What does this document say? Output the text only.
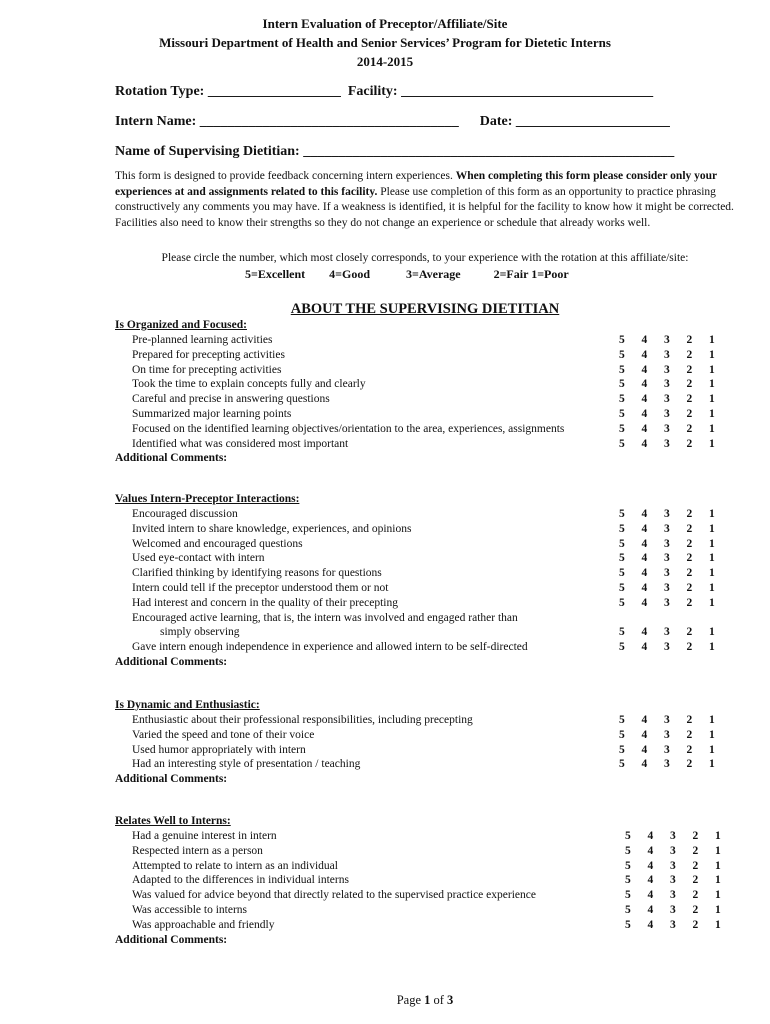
Intern Evaluation of Preceptor/Affiliate/Site
Missouri Department of Health and Senior Services’ Program for Dietetic Interns
2014-2015
Rotation Type: ___________________  Facility: ____________________________________
Intern Name: _____________________________________      Date: ______________________
Name of Supervising Dietitian: _____________________________________________________
This form is designed to provide feedback concerning intern experiences. When completing this form please consider only your experiences at and assignments related to this facility. Please use completion of this form as an opportunity to practice phrasing constructively any comments you may have. If a weakness is identified, it is helpful for the facility to know how it might be corrected. Facilities also need to know their strengths so they do not change an experience or schedule that already works well.
Please circle the number, which most closely corresponds, to your experience with the rotation at this affiliate/site:
5=Excellent        4=Good            3=Average           2=Fair 1=Poor
ABOUT THE SUPERVISING DIETITIAN
Is Organized and Focused:
Pre-planned learning activities	5 4 3 2 1
Prepared for precepting activities	5 4 3 2 1
On time for precepting activities	5 4 3 2 1
Took the time to explain concepts fully and clearly	5 4 3 2 1
Careful and precise in answering questions	5 4 3 2 1
Summarized major learning points	5 4 3 2 1
Focused on the identified learning objectives/orientation to the area, experiences, assignments	5 4 3 2 1
Identified what was considered most important	5 4 3 2 1
Additional Comments:
Values Intern-Preceptor Interactions:
Encouraged discussion	5 4 3 2 1
Invited intern to share knowledge, experiences, and opinions	5 4 3 2 1
Welcomed and encouraged questions	5 4 3 2 1
Used eye-contact with intern	5 4 3 2 1
Clarified thinking by identifying reasons for questions	5 4 3 2 1
Intern could tell if the preceptor understood them or not	5 4 3 2 1
Had interest and concern in the quality of their precepting	5 4 3 2 1
Encouraged active learning, that is, the intern was involved and engaged rather than
simply observing	5 4 3 2 1
Gave intern enough independence in experience and allowed intern to be self-directed	5 4 3 2 1
Additional Comments:
Is Dynamic and Enthusiastic:
Enthusiastic about their professional responsibilities, including precepting	5 4 3 2 1
Varied the speed and tone of their voice	5 4 3 2 1
Used humor appropriately with intern	5 4 3 2 1
Had an interesting style of presentation / teaching	5 4 3 2 1
Additional Comments:
Relates Well to Interns:
Had a genuine interest in intern	5 4 3 2 1
Respected intern as a person	5 4 3 2 1
Attempted to relate to intern as an individual	5 4 3 2 1
Adapted to the differences in individual interns	5 4 3 2 1
Was valued for advice beyond that directly related to the supervised practice experience	5 4 3 2 1
Was accessible to interns	5 4 3 2 1
Was approachable and friendly	5 4 3 2 1
Additional Comments:
Page 1 of 3
